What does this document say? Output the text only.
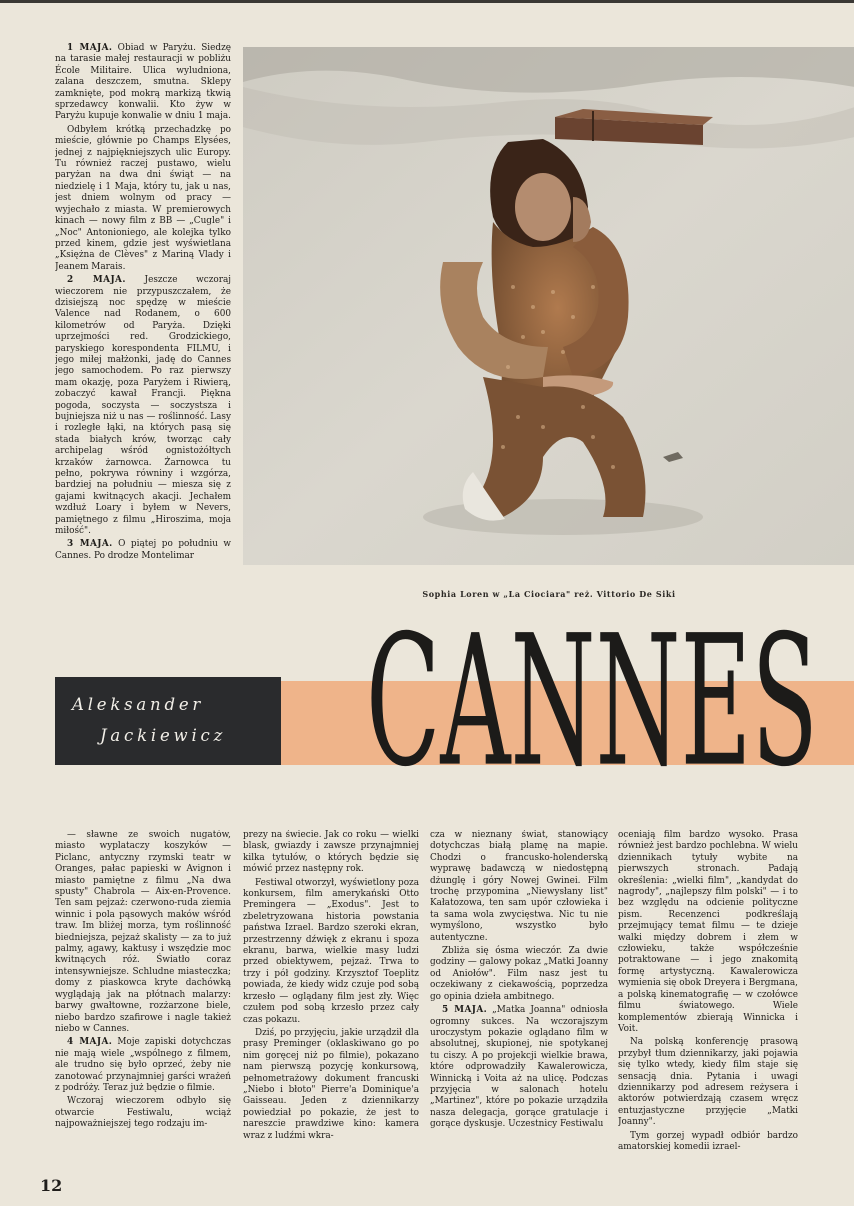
1 MAJA. Obiad w Paryżu. Siedzę na tarasie małej restauracji w pobliżu École Militaire. Ulica wyludniona, zalana deszczem, smutna. Sklepy zamknięte, pod mokrą markizą tkwią sprzedawcy konwalii. Kto żyw w Paryżu kupuje konwalie w dniu 1 maja.

Odbyłem krótką przechadzkę po mieście, głównie po Champs Elysées, jednej z najpiękniejszych ulic Europy. Tu również raczej pustawo, wielu paryżan na dwa dni świąt — na niedzielę i 1 Maja, który tu, jak u nas, jest dniem wolnym od pracy — wyjechało z miasta. W premierowych kinach — nowy film z BB — „Cugle" i „Noc" Antonioniego, ale kolejka tylko przed kinem, gdzie jest wyświetlana „Księżna de Clèves" z Mariną Vlady i Jeanem Marais.

2 MAJA. Jeszcze wczoraj wieczorem nie przypuszczałem, że dzisiejszą noc spędzę w mieście Valence nad Rodanem, o 600 kilometrów od Paryża. Dzięki uprzejmości red. Grodzickiego, paryskiego korespondenta FILMU, i jego miłej małżonki, jadę do Cannes jego samochodem. Po raz pierwszy mam okazję, poza Paryżem i Riwierą, zobaczyć kawał Francji. Piękna pogoda, soczysta — soczystsza i bujniejsza niż u nas — roślinność. Lasy i rozległe łąki, na których pasą się stada białych krów, tworząc cały archipelag wśród ognistożółtych krzaków żarnowca. Żarnowca tu pełno, pokrywa równiny i wzgórza, bardziej na południu — miesza się z gajami kwitnących akacji. Jechałem wzdłuż Loary i byłem w Nevers, pamiętnego z filmu „Hiroszima, moja miłość".

3 MAJA. O piątej po południu w Cannes. Po drodze Montelimar

Sophia Loren w „La Ciociara" reż. Vittorio De Siki
Aleksander
Jackiewicz CANNES

— sławne ze swoich nugatów, miasto wyplataczy koszyków — Piclanc, antyczny rzymski teatr w Oranges, pałac papieski w Avignon i miasto pamiętne z filmu „Na dwa spusty" Chabrola — Aix-en-Provence. Ten sam pejzaż: czerwono-ruda ziemia winnic i pola pąsowych maków wśród traw. Im bliżej morza, tym roślinność biedniejsza, pejzaż skalisty — za to już palmy, agawy, kaktusy i wszędzie moc kwitnących róż. Światło coraz intensywniejsze. Schludne miasteczka; domy z piaskowca kryte dachówką wyglądają jak na płótnach malarzy: barwy gwałtowne, rozżarzone biele, niebo bardzo szafirowe i nagle takież niebo w Cannes.

4 MAJA. Moje zapiski dotychczas nie mają wiele „wspólnego z filmem, ale trudno się było oprzeć, żeby nie zanotować przynajmniej garści wrażeń z podróży. Teraz już będzie o filmie.

Wczoraj wieczorem odbyło się otwarcie Festiwalu, wciąż najpoważniejszej tego rodzaju im-

prezy na świecie. Jak co roku — wielki blask, gwiazdy i zawsze przynajmniej kilka tytułów, o których będzie się mówić przez następny rok.

Festiwal otworzył, wyświetlony poza konkursem, film amerykański Otto Premingera — „Exodus". Jest to zbeletryzowana historia powstania państwa Izrael. Bardzo szeroki ekran, przestrzenny dźwięk z ekranu i spoza ekranu, barwa, wielkie masy ludzi przed obiektywem, pejzaż. Trwa to trzy i pół godziny. Krzysztof Toeplitz powiada, że kiedy widz czuje pod sobą krzesło — oglądany film jest zły. Więc czułem pod sobą krzesło przez cały czas pokazu.

Dziś, po przyjęciu, jakie urządził dla prasy Preminger (oklaskiwano go po nim goręcej niż po filmie), pokazano nam pierwszą pozycję konkursową, pełnometrażowy dokument francuski „Niebo i błoto" Pierre'a Dominique'a Gaisseau. Jeden z dziennikarzy powiedział po pokazie, że jest to nareszcie prawdziwe kino: kamera wraz z ludźmi wkra-

cza w nieznany świat, stanowiący dotychczas białą plamę na mapie. Chodzi o francusko-holenderską wyprawę badawczą w niedostępną dżunglę i góry Nowej Gwinei. Film trochę przypomina „Niewysłany list" Kałatozowa, ten sam upór człowieka i ta sama wola zwycięstwa. Nic tu nie wymyślono, wszystko było autentyczne.

Zbliża się ósma wieczór. Za dwie godziny — galowy pokaz „Matki Joanny od Aniołów". Film nasz jest tu oczekiwany z ciekawością, poprzedza go opinia dzieła ambitnego.

5 MAJA. „Matka Joanna" odniosła ogromny sukces. Na wczorajszym uroczystym pokazie oglądano film w absolutnej, skupionej, nie spotykanej tu ciszy. A po projekcji wielkie brawa, które odprowadziły Kawalerowicza, Winnicką i Voita aż na ulicę. Podczas przyjęcia w salonach hotelu „Martinez", które po pokazie urządziła nasza delegacja, gorące gratulacje i gorące dyskusje. Uczestnicy Festiwalu

oceniają film bardzo wysoko. Prasa również jest bardzo pochlebna. W wielu dziennikach tytuły wybite na pierwszych stronach. Padają określenia: „wielki film", „kandydat do nagrody", „najlepszy film polski" — i to bez względu na odcienie polityczne pism. Recenzenci podkreślają przejmujący temat filmu — te dzieje walki między dobrem i złem w człowieku, także współcześnie potraktowane — i jego znakomitą formę artystyczną. Kawalerowicza wymienia się obok Dreyera i Bergmana, a polską kinematografię — w czołówce filmu światowego. Wiele komplementów zbierają Winnicka i Voit.

Na polską konferencję prasową przybył tłum dziennikarzy, jaki pojawia się tylko wtedy, kiedy film staje się sensacją dnia. Pytania i uwagi dziennikarzy pod adresem reżysera i aktorów potwierdzają czasem wręcz entuzjastyczne przyjęcie „Matki Joanny".

Tym gorzej wypadł odbiór bardzo amatorskiej komedii izrael-

12
